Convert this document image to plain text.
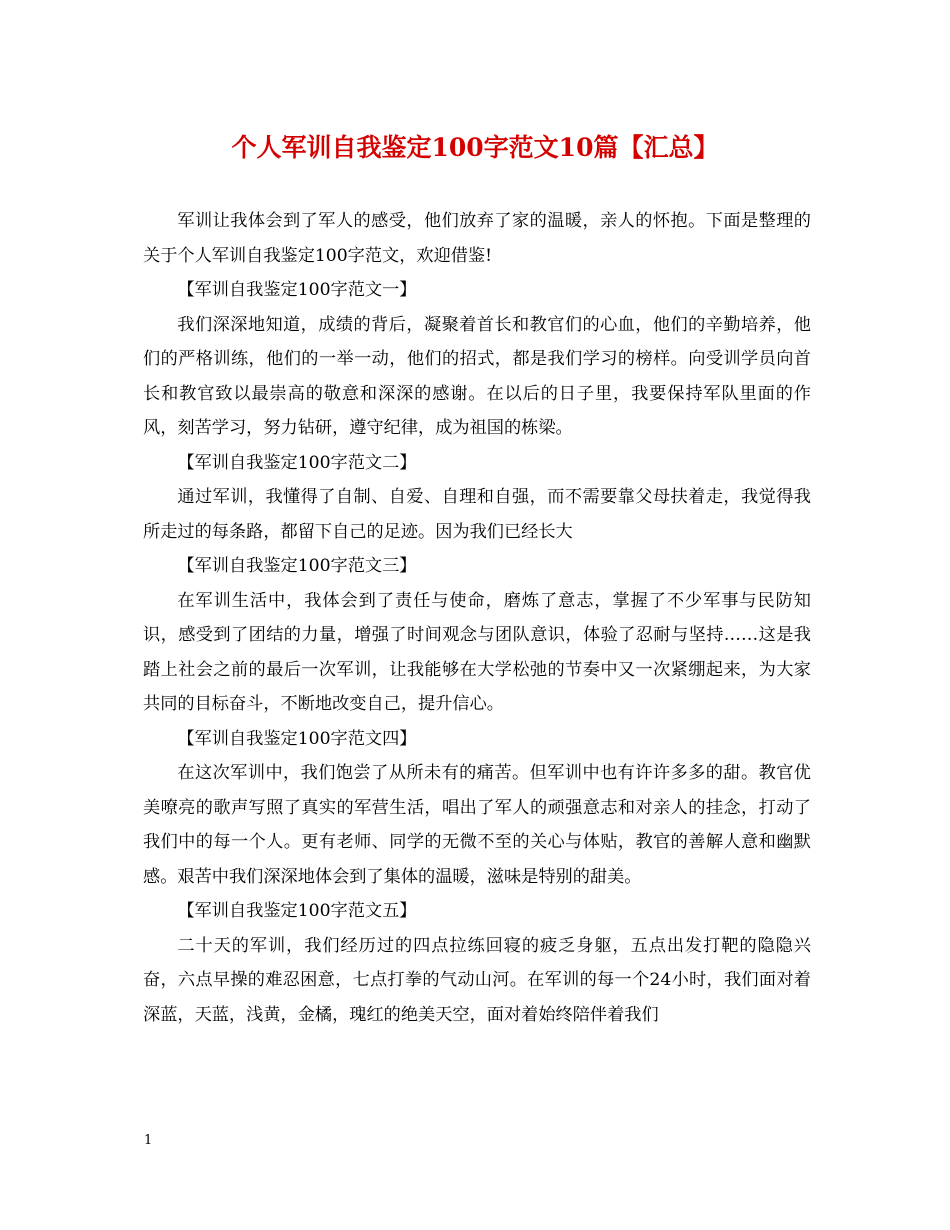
个人军训自我鉴定100字范文10篇【汇总】

军训让我体会到了军人的感受，他们放弃了家的温暖，亲人的怀抱。下面是整理的关于个人军训自我鉴定100字范文，欢迎借鉴!

【军训自我鉴定100字范文一】

我们深深地知道，成绩的背后，凝聚着首长和教官们的心血，他们的辛勤培养，他们的严格训练，他们的一举一动，他们的招式，都是我们学习的榜样。向受训学员向首长和教官致以最崇高的敬意和深深的感谢。在以后的日子里，我要保持军队里面的作风，刻苦学习，努力钻研，遵守纪律，成为祖国的栋梁。

【军训自我鉴定100字范文二】

通过军训，我懂得了自制、自爱、自理和自强，而不需要靠父母扶着走，我觉得我所走过的每条路，都留下自己的足迹。因为我们已经长大

【军训自我鉴定100字范文三】

在军训生活中，我体会到了责任与使命，磨炼了意志，掌握了不少军事与民防知识，感受到了团结的力量，增强了时间观念与团队意识，体验了忍耐与坚持……这是我踏上社会之前的最后一次军训，让我能够在大学松弛的节奏中又一次紧绷起来，为大家共同的目标奋斗，不断地改变自己，提升信心。

【军训自我鉴定100字范文四】

在这次军训中，我们饱尝了从所未有的痛苦。但军训中也有许许多多的甜。教官优美嘹亮的歌声写照了真实的军营生活，唱出了军人的顽强意志和对亲人的挂念，打动了我们中的每一个人。更有老师、同学的无微不至的关心与体贴，教官的善解人意和幽默感。艰苦中我们深深地体会到了集体的温暖，滋味是特别的甜美。

【军训自我鉴定100字范文五】

二十天的军训，我们经历过的四点拉练回寝的疲乏身躯，五点出发打靶的隐隐兴奋，六点早操的难忍困意，七点打拳的气动山河。在军训的每一个24小时，我们面对着深蓝，天蓝，浅黄，金橘，瑰红的绝美天空，面对着始终陪伴着我们

1
